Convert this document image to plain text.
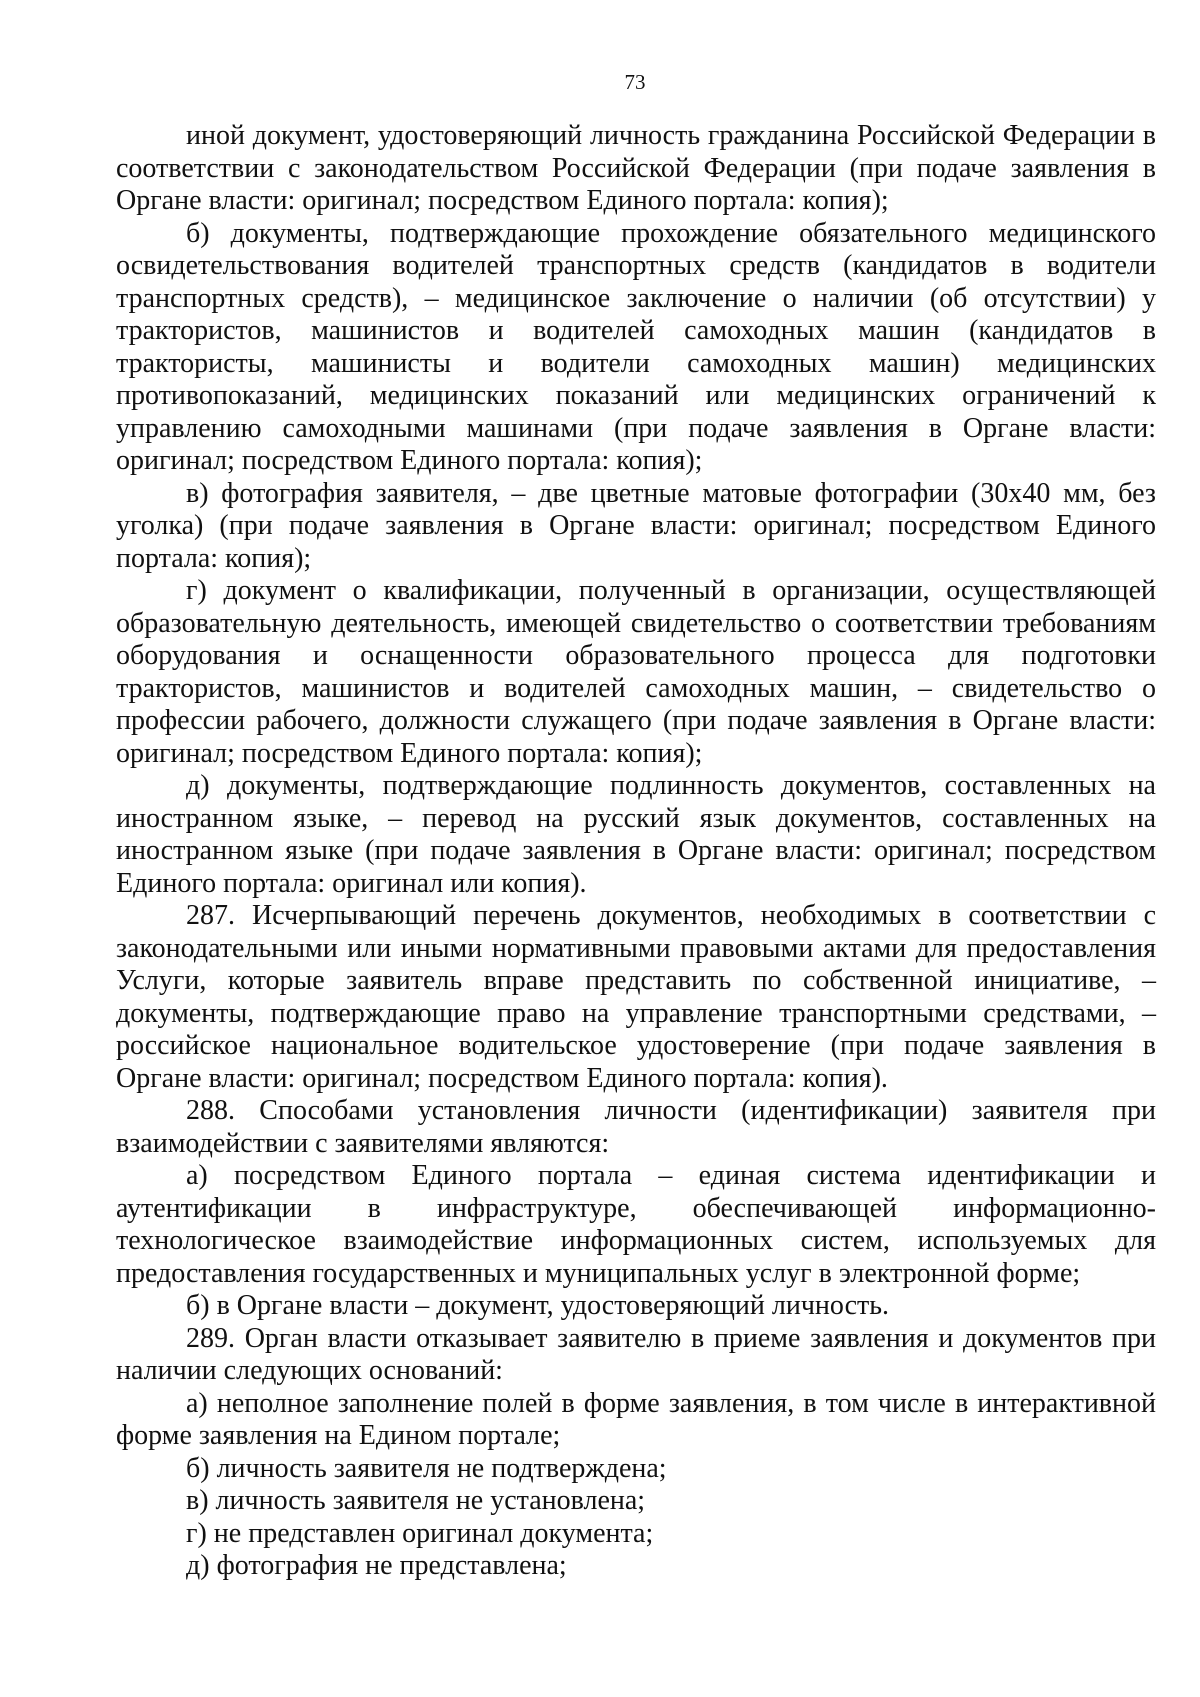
73

иной документ, удостоверяющий личность гражданина Российской Федерации в соответствии с законодательством Российской Федерации (при подаче заявления в Органе власти: оригинал; посредством Единого портала: копия);

б) документы, подтверждающие прохождение обязательного медицинского освидетельствования водителей транспортных средств (кандидатов в водители транспортных средств), – медицинское заключение о наличии (об отсутствии) у трактористов, машинистов и водителей самоходных машин (кандидатов в трактористы, машинисты и водители самоходных машин) медицинских противопоказаний, медицинских показаний или медицинских ограничений к управлению самоходными машинами (при подаче заявления в Органе власти: оригинал; посредством Единого портала: копия);

в) фотография заявителя, – две цветные матовые фотографии (30х40 мм, без уголка) (при подаче заявления в Органе власти: оригинал; посредством Единого портала: копия);

г) документ о квалификации, полученный в организации, осуществляющей образовательную деятельность, имеющей свидетельство о соответствии требованиям оборудования и оснащенности образовательного процесса для подготовки трактористов, машинистов и водителей самоходных машин, – свидетельство о профессии рабочего, должности служащего (при подаче заявления в Органе власти: оригинал; посредством Единого портала: копия);

д) документы, подтверждающие подлинность документов, составленных на иностранном языке, – перевод на русский язык документов, составленных на иностранном языке (при подаче заявления в Органе власти: оригинал; посредством Единого портала: оригинал или копия).

287. Исчерпывающий перечень документов, необходимых в соответствии с законодательными или иными нормативными правовыми актами для предоставления Услуги, которые заявитель вправе представить по собственной инициативе, – документы, подтверждающие право на управление транспортными средствами, – российское национальное водительское удостоверение (при подаче заявления в Органе власти: оригинал; посредством Единого портала: копия).

288. Способами установления личности (идентификации) заявителя при взаимодействии с заявителями являются:

а) посредством Единого портала – единая система идентификации и аутентификации в инфраструктуре, обеспечивающей информационно-технологическое взаимодействие информационных систем, используемых для предоставления государственных и муниципальных услуг в электронной форме;

б) в Органе власти – документ, удостоверяющий личность.

289. Орган власти отказывает заявителю в приеме заявления и документов при наличии следующих оснований:

а) неполное заполнение полей в форме заявления, в том числе в интерактивной форме заявления на Едином портале;

б) личность заявителя не подтверждена;

в) личность заявителя не установлена;

г) не представлен оригинал документа;

д) фотография не представлена;
